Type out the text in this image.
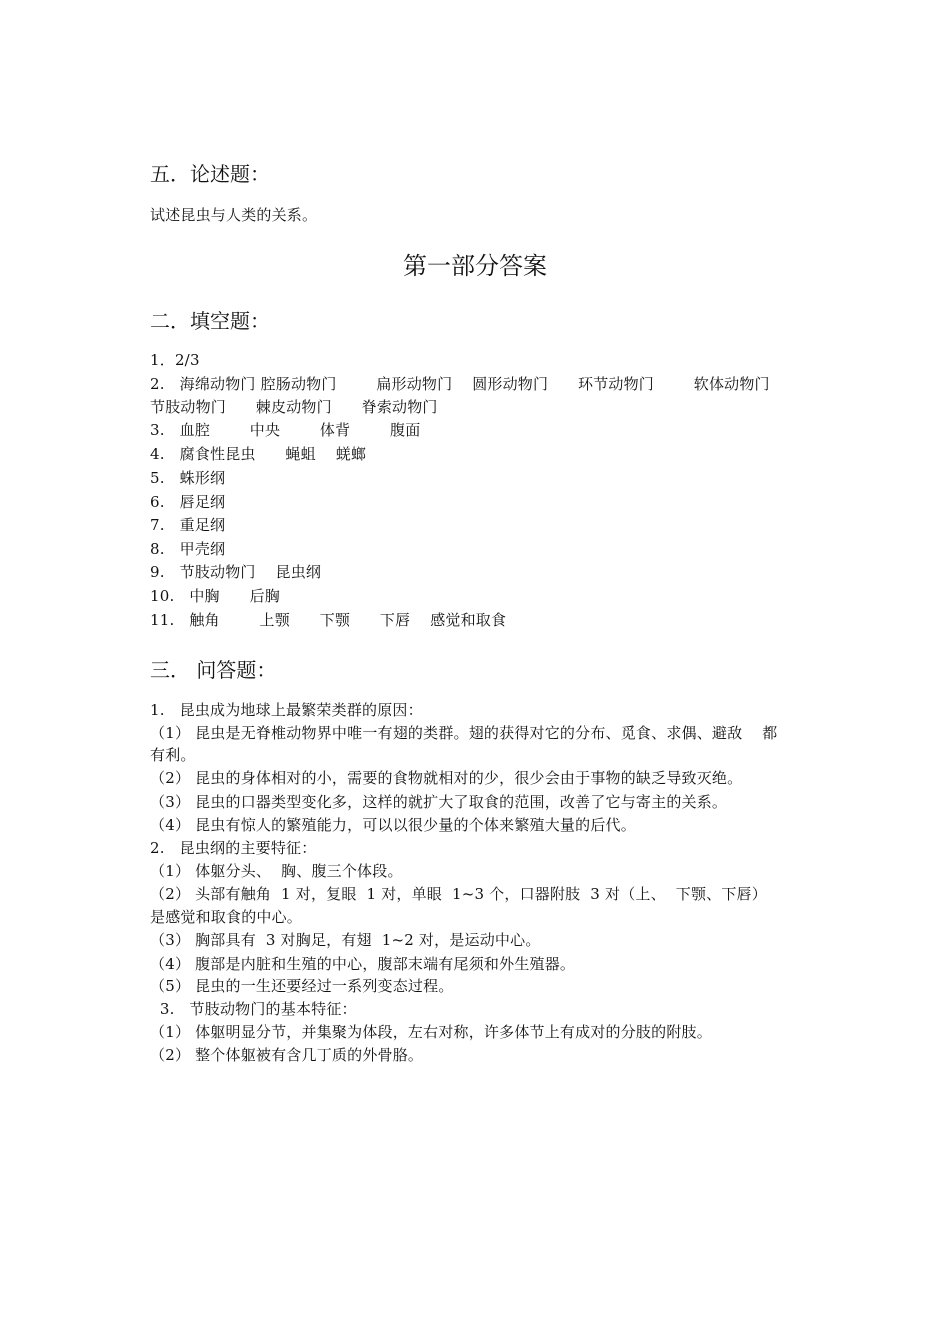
五．论述题：
试述昆虫与人类的关系。
第一部分答案
二．填空题：
1．2/3
2.   海绵动物门 腔肠动物门        扁形动物门    圆形动物门      环节动物门        软体动物门
节肢动物门      棘皮动物门      脊索动物门
3.   血腔        中央        体背        腹面
4.   腐食性昆虫      蝇蛆    蜣螂
5.   蛛形纲
6.   唇足纲
7.   重足纲
8.   甲壳纲
9.   节肢动物门    昆虫纲
10.   中胸      后胸
11.   触角        上颚      下颚      下唇    感觉和取食
三． 问答题：
1.   昆虫成为地球上最繁荣类群的原因：
（1） 昆虫是无脊椎动物界中唯一有翅的类群。翅的获得对它的分布、觅食、求偶、避敌    都
有利。
（2） 昆虫的身体相对的小，需要的食物就相对的少，很少会由于事物的缺乏导致灭绝。
（3） 昆虫的口器类型变化多，这样的就扩大了取食的范围，改善了它与寄主的关系。
（4） 昆虫有惊人的繁殖能力，可以以很少量的个体来繁殖大量的后代。
2.   昆虫纲的主要特征：
（1） 体躯分头、  胸、腹三个体段。
（2） 头部有触角  1 对，复眼  1 对，单眼  1~3 个，口器附肢  3 对（上、  下颚、下唇）
是感觉和取食的中心。
（3） 胸部具有  3 对胸足，有翅  1~2 对，是运动中心。
（4） 腹部是内脏和生殖的中心，腹部末端有尾须和外生殖器。
（5） 昆虫的一生还要经过一系列变态过程。
3.   节肢动物门的基本特征：
（1） 体躯明显分节，并集聚为体段，左右对称，许多体节上有成对的分肢的附肢。
（2） 整个体躯被有含几丁质的外骨胳。
